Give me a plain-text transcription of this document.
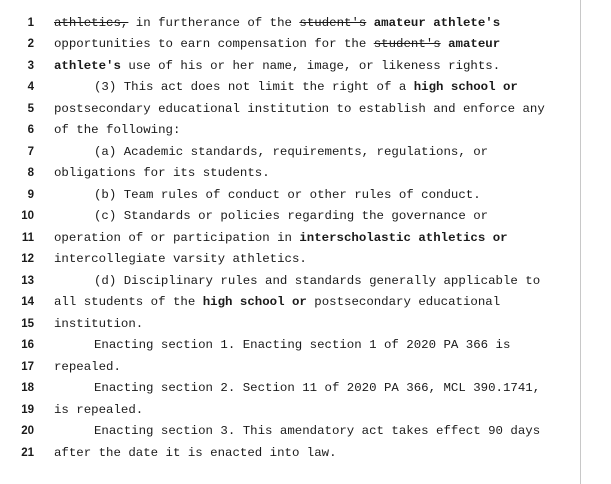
1 athletics, in furtherance of the student's amateur athlete's
2 opportunities to earn compensation for the student's amateur
3 athlete's use of his or her name, image, or likeness rights.
4	(3) This act does not limit the right of a high school or
5 postsecondary educational institution to establish and enforce any
6 of the following:
7	(a) Academic standards, requirements, regulations, or
8 obligations for its students.
9	(b) Team rules of conduct or other rules of conduct.
10	(c) Standards or policies regarding the governance or
11 operation of or participation in interscholastic athletics or
12 intercollegiate varsity athletics.
13	(d) Disciplinary rules and standards generally applicable to
14 all students of the high school or postsecondary educational
15 institution.
16	Enacting section 1. Enacting section 1 of 2020 PA 366 is
17 repealed.
18	Enacting section 2. Section 11 of 2020 PA 366, MCL 390.1741,
19 is repealed.
20	Enacting section 3. This amendatory act takes effect 90 days
21 after the date it is enacted into law.
